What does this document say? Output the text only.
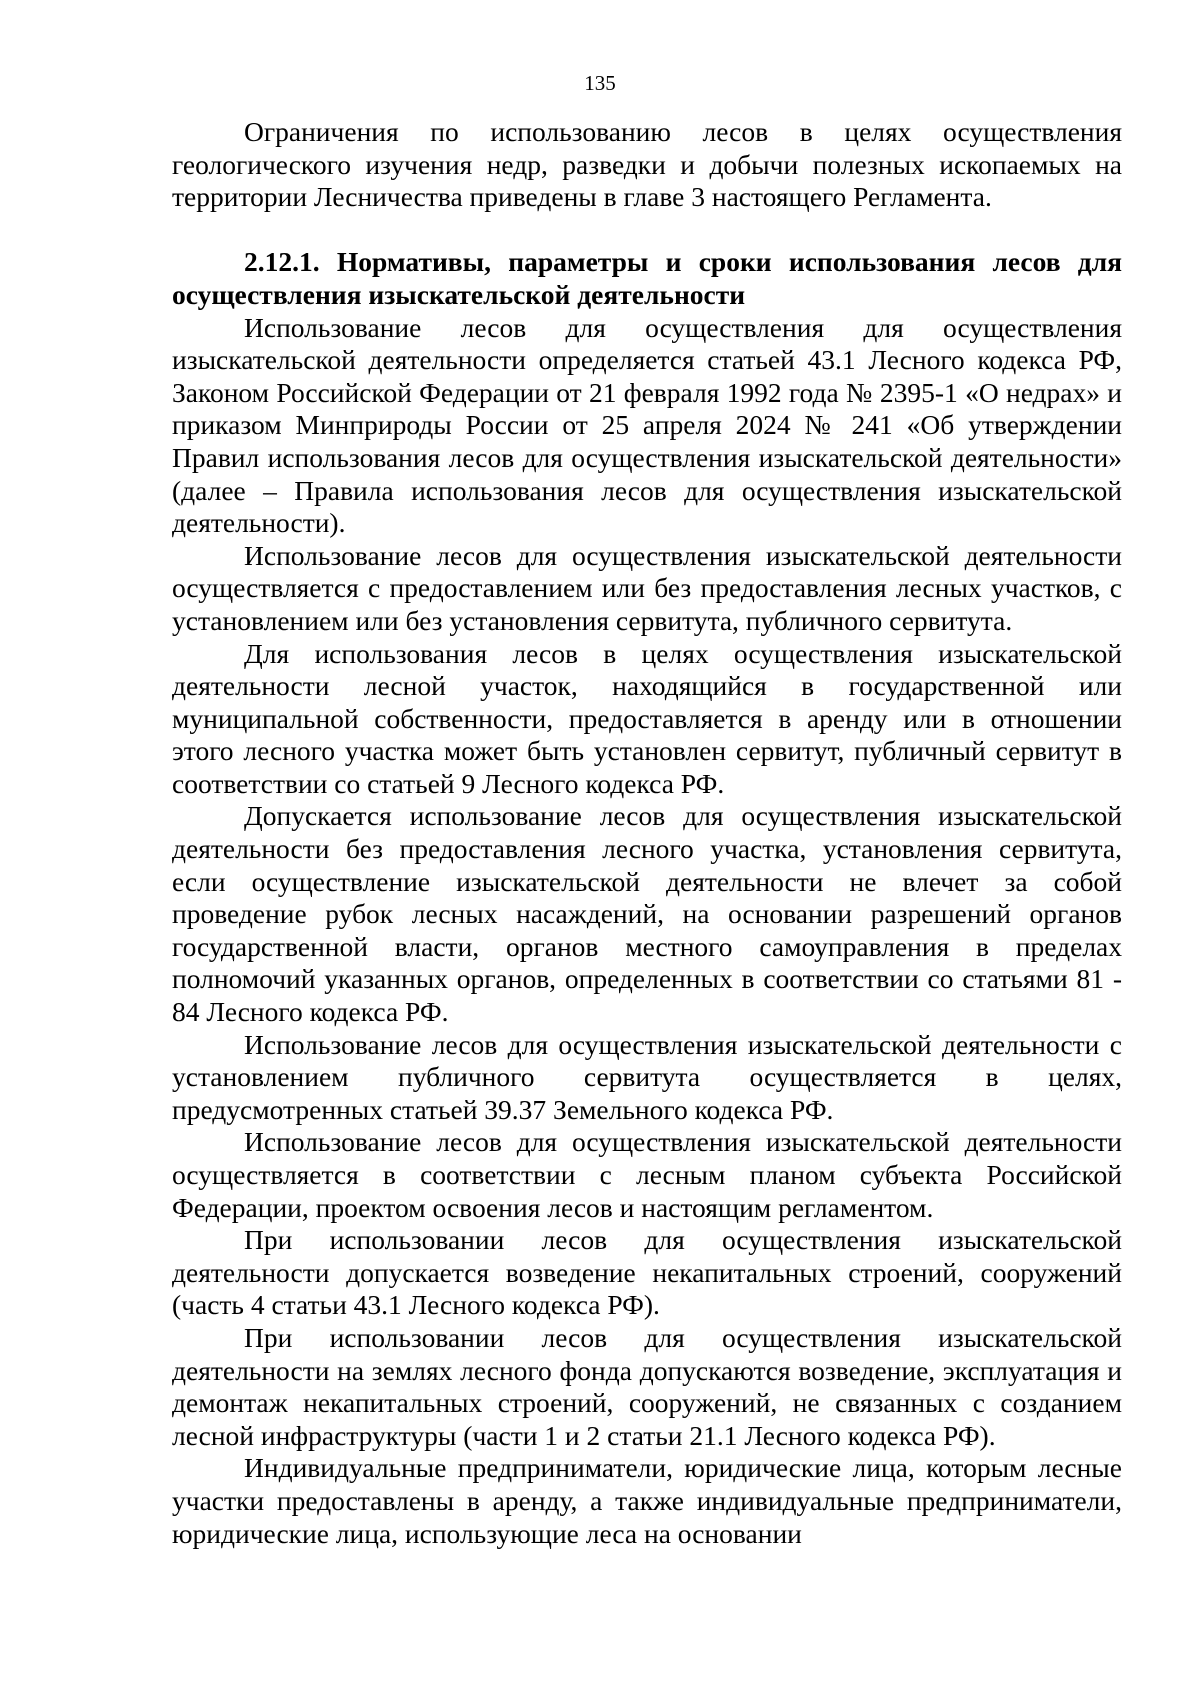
135

Ограничения по использованию лесов в целях осуществления геологического изучения недр, разведки и добычи полезных ископаемых на территории Лесничества приведены в главе 3 настоящего Регламента.

2.12.1. Нормативы, параметры и сроки использования лесов для осуществления изыскательской деятельности

Использование лесов для осуществления для осуществления изыскательской деятельности определяется статьей 43.1 Лесного кодекса РФ, Законом Российской Федерации от 21 февраля 1992 года № 2395-1 «О недрах» и приказом Минприроды России от 25 апреля 2024 № 241 «Об утверждении Правил использования лесов для осуществления изыскательской деятельности» (далее – Правила использования лесов для осуществления изыскательской деятельности).

Использование лесов для осуществления изыскательской деятельности осуществляется с предоставлением или без предоставления лесных участков, с установлением или без установления сервитута, публичного сервитута.

Для использования лесов в целях осуществления изыскательской деятельности лесной участок, находящийся в государственной или муниципальной собственности, предоставляется в аренду или в отношении этого лесного участка может быть установлен сервитут, публичный сервитут в соответствии со статьей 9 Лесного кодекса РФ.

Допускается использование лесов для осуществления изыскательской деятельности без предоставления лесного участка, установления сервитута, если осуществление изыскательской деятельности не влечет за собой проведение рубок лесных насаждений, на основании разрешений органов государственной власти, органов местного самоуправления в пределах полномочий указанных органов, определенных в соответствии со статьями 81 - 84 Лесного кодекса РФ.

Использование лесов для осуществления изыскательской деятельности с установлением публичного сервитута осуществляется в целях, предусмотренных статьей 39.37 Земельного кодекса РФ.

Использование лесов для осуществления изыскательской деятельности осуществляется в соответствии с лесным планом субъекта Российской Федерации, проектом освоения лесов и настоящим регламентом.

При использовании лесов для осуществления изыскательской деятельности допускается возведение некапитальных строений, сооружений (часть 4 статьи 43.1 Лесного кодекса РФ).

При использовании лесов для осуществления изыскательской деятельности на землях лесного фонда допускаются возведение, эксплуатация и демонтаж некапитальных строений, сооружений, не связанных с созданием лесной инфраструктуры (части 1 и 2 статьи 21.1 Лесного кодекса РФ).

Индивидуальные предприниматели, юридические лица, которым лесные участки предоставлены в аренду, а также индивидуальные предприниматели, юридические лица, использующие леса на основании
